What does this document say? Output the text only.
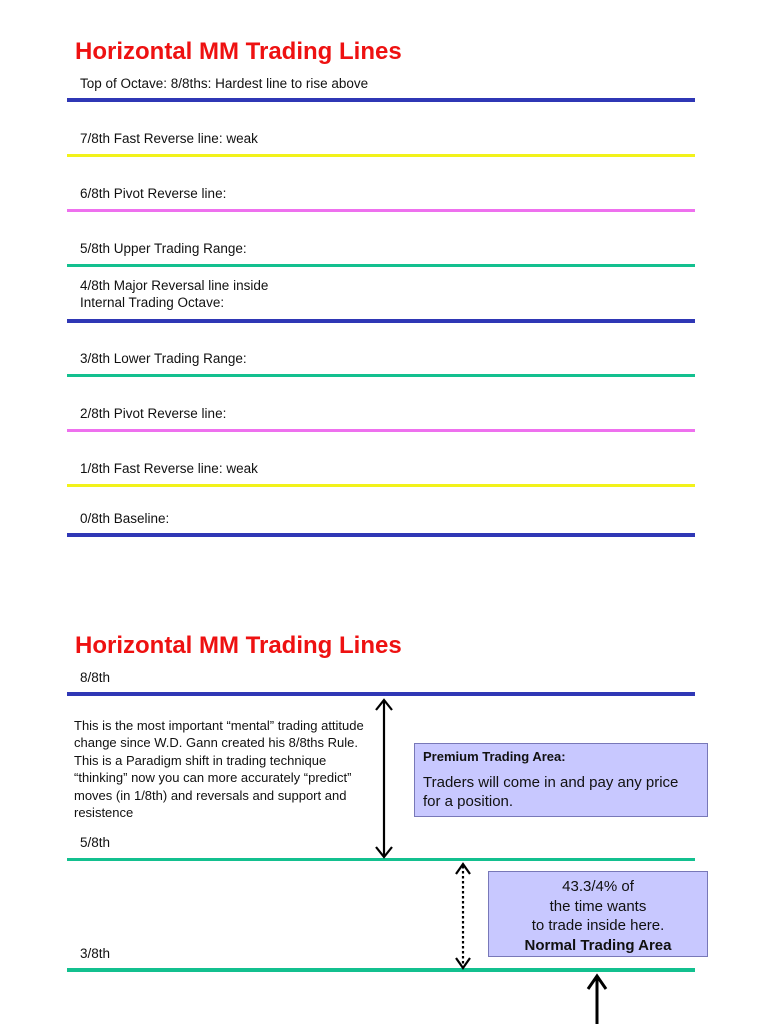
Horizontal MM Trading Lines
Top of Octave: 8/8ths: Hardest line to rise above
7/8th Fast Reverse line: weak
6/8th Pivot Reverse line:
5/8th Upper Trading Range:
4/8th Major Reversal line inside
Internal Trading Octave:
3/8th Lower Trading Range:
2/8th Pivot Reverse line:
1/8th Fast Reverse line: weak
0/8th Baseline:
Horizontal MM Trading Lines
8/8th
This is the most important “mental” trading attitude change since W.D. Gann created his 8/8ths Rule. This is a Paradigm shift in trading technique “thinking” now you can more accurately “predict” moves (in 1/8th) and reversals and support and resistence
Premium Trading Area:
Traders will come in and pay any price for a position.
5/8th
43.3/4% of
the time wants
to trade inside here.
Normal Trading Area
3/8th
